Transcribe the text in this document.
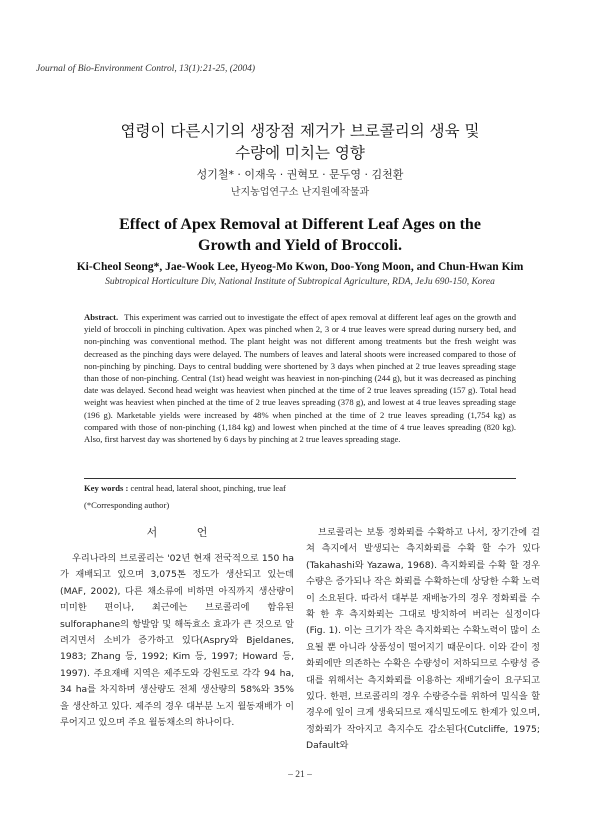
Journal of Bio-Environment Control, 13(1):21-25, (2004)
엽령이 다른시기의 생장점 제거가 브로콜리의 생육 및
수량에 미치는 영향
성기철* · 이재욱 · 권혁모 · 문두영 · 김천환
난지농업연구소 난지원예작물과
Effect of Apex Removal at Different Leaf Ages on the
Growth and Yield of Broccoli.
Ki-Cheol Seong*, Jae-Wook Lee, Hyeog-Mo Kwon, Doo-Yong Moon, and Chun-Hwan Kim
Subtropical Horticulture Div, National Institute of Subtropical Agriculture, RDA, JeJu 690-150, Korea
Abstract. This experiment was carried out to investigate the effect of apex removal at different leaf ages on the growth and yield of broccoli in pinching cultivation. Apex was pinched when 2, 3 or 4 true leaves were spread during nursery bed, and non-pinching was conventional method. The plant height was not different among treatments but the fresh weight was decreased as the pinching days were delayed. The numbers of leaves and lateral shoots were increased compared to those of non-pinching by pinching. Days to central budding were shortened by 3 days when pinched at 2 true leaves spreading stage than those of non-pinching. Central (1st) head weight was heaviest in non-pinching (244 g), but it was decreased as pinching date was delayed. Second head weight was heaviest when pinched at the time of 2 true leaves spreading (157 g). Total head weight was heaviest when pinched at the time of 2 true leaves spreading (378 g), and lowest at 4 true leaves spreading stage (196 g). Marketable yields were increased by 48% when pinched at the time of 2 true leaves spreading (1,754 kg) as compared with those of non-pinching (1,184 kg) and lowest when pinched at the time of 4 true leaves spreading (820 kg). Also, first harvest day was shortened by 6 days by pinching at 2 true leaves spreading stage.
Key words : central head, lateral shoot, pinching, true leaf
(*Corresponding author)
서 언

우리나라의 브로콜리는 '02년 현재 전국적으로 150 ha가 재배되고 있으며 3,075톤 정도가 생산되고 있는데(MAF, 2002), 다른 채소류에 비하면 아직까지 생산량이 미미한 편이나, 최근에는 브로콜리에 함유된 sulforaphane의 항발암 및 해독효소 효과가 큰 것으로 알려지면서 소비가 증가하고 있다(Aspry와 Bjeldanes, 1983; Zhang 등, 1992; Kim 등, 1997; Howard 등, 1997). 주요재배 지역은 제주도와 강원도로 각각 94 ha, 34 ha를 차지하며 생산량도 전체 생산량의 58%와 35%을 생산하고 있다. 제주의 경우 대부분 노지 월동재배가 이루어지고 있으며 주요 월동채소의 하나이다.

브로콜리는 보통 정화뢰를 수확하고 나서, 장기간에 걸쳐 측지에서 발생되는 측지화뢰를 수확 할 수가 있다(Takahashi와 Yazawa, 1968). 측지화뢰를 수확 할 경우 수량은 증가되나 작은 화뢰를 수확하는데 상당한 수확 노력이 소요된다. 따라서 대부분 재배농가의 경우 정화뢰를 수확 한 후 측지화뢰는 그대로 방치하여 버리는 실정이다(Fig. 1). 이는 크기가 작은 측지화뢰는 수확노력이 많이 소요될 뿐 아니라 상품성이 떨어지기 때문이다. 이와 같이 정화뢰에만 의존하는 수확은 수량성이 저하되므로 수량성 증대를 위해서는 측지화뢰를 이용하는 재배기술이 요구되고 있다. 한편, 브로콜리의 경우 수량증수를 위하여 밀식을 할 경우에 잎이 크게 생육되므로 재식밀도에도 한계가 있으며, 정화뢰가 작아지고 측지수도 감소된다(Cutcliffe, 1975; Dafault와

– 21 –
